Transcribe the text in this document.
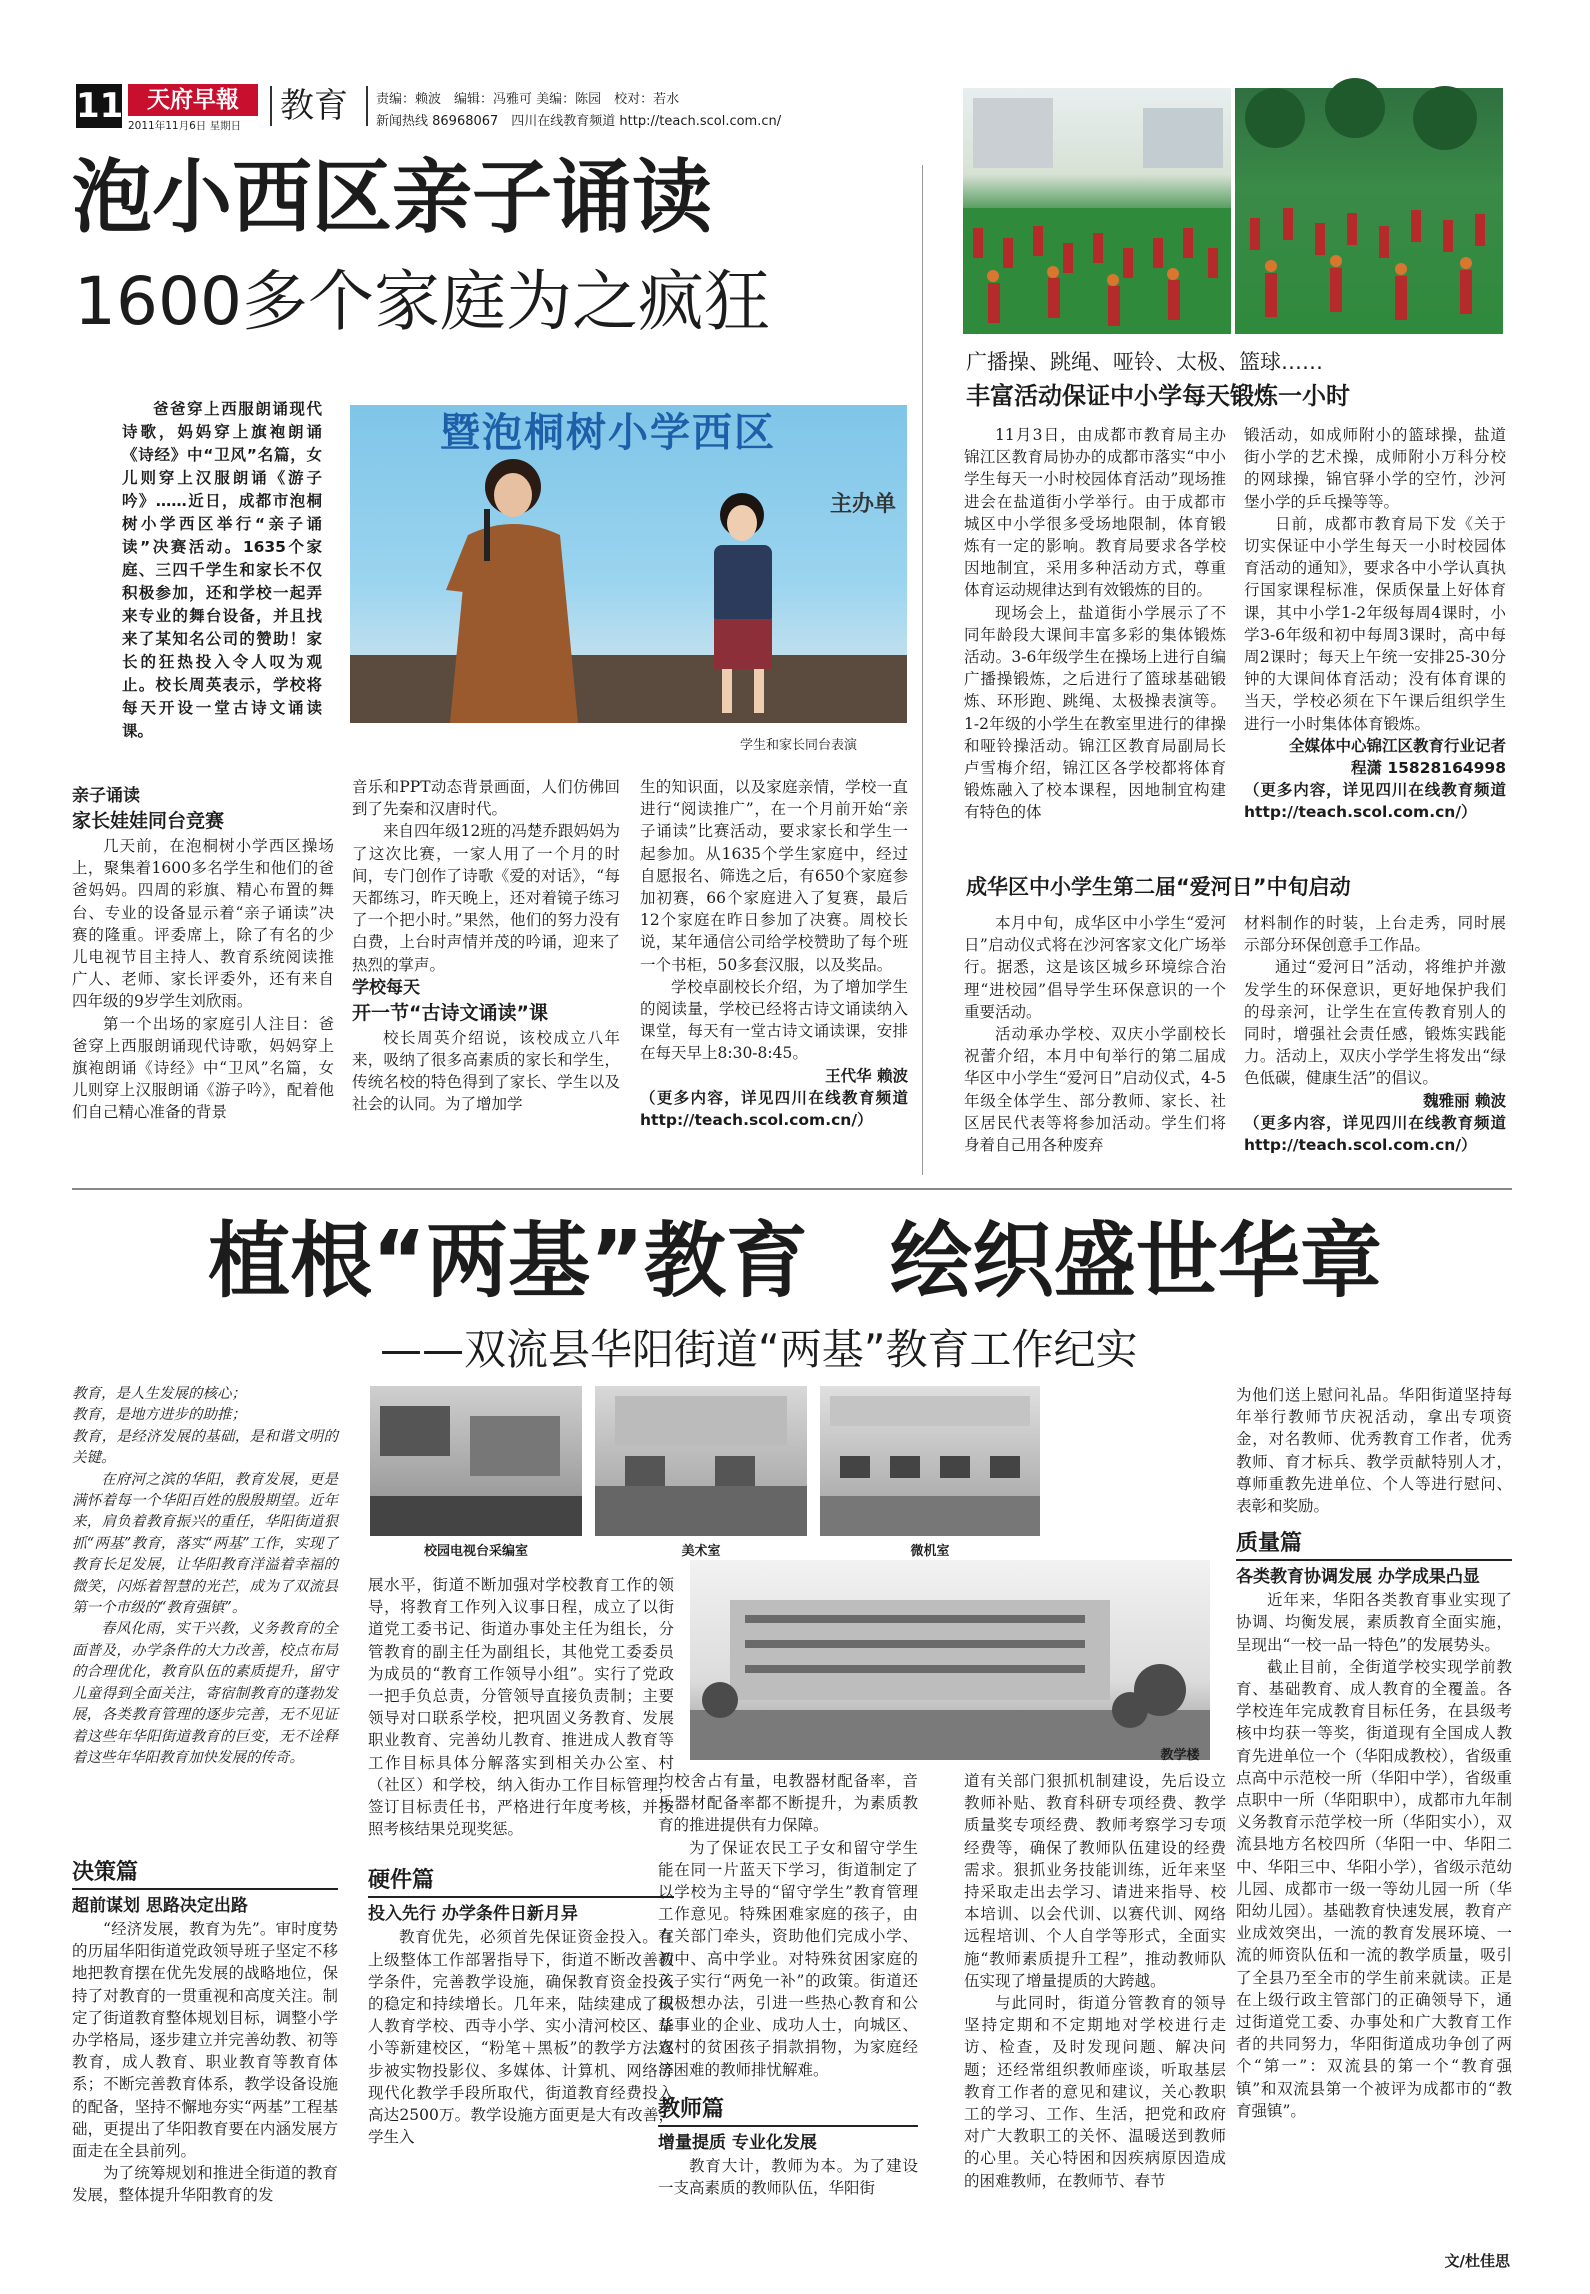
11	天府早報
2011年11月6日 星期日	教育 责编：赖波　编辑：冯雅可 美编：陈园　校对：若水
新闻热线 86968067　四川在线教育频道 http://teach.scol.com.cn/
泡小西区亲子诵读
1600多个家庭为之疯狂

爸爸穿上西服朗诵现代诗歌，妈妈穿上旗袍朗诵《诗经》中“卫风”名篇，女儿则穿上汉服朗诵《游子吟》……近日，成都市泡桐树小学西区举行“亲子诵读”决赛活动。1635个家庭、三四千学生和家长不仅积极参加，还和学校一起弄来专业的舞台设备，并且找来了某知名公司的赞助！家长的狂热投入令人叹为观止。校长周英表示，学校将每天开设一堂古诗文诵读课。

暨泡桐树小学西区
主办单
学生和家长同台表演

亲子诵读

家长娃娃同台竞赛

几天前，在泡桐树小学西区操场上，聚集着1600多名学生和他们的爸爸妈妈。四周的彩旗、精心布置的舞台、专业的设备显示着“亲子诵读”决赛的隆重。评委席上，除了有名的少儿电视节目主持人、教育系统阅读推广人、老师、家长评委外，还有来自四年级的9岁学生刘欣雨。

第一个出场的家庭引人注目：爸爸穿上西服朗诵现代诗歌，妈妈穿上旗袍朗诵《诗经》中“卫风”名篇，女儿则穿上汉服朗诵《游子吟》，配着他们自己精心准备的背景

音乐和PPT动态背景画面，人们仿佛回到了先秦和汉唐时代。

来自四年级12班的冯楚乔跟妈妈为了这次比赛，一家人用了一个月的时间，专门创作了诗歌《爱的对话》，“每天都练习，昨天晚上，还对着镜子练习了一个把小时。”果然，他们的努力没有白费，上台时声情并茂的吟诵，迎来了热烈的掌声。

学校每天

开一节“古诗文诵读”课

校长周英介绍说，该校成立八年来，吸纳了很多高素质的家长和学生，传统名校的特色得到了家长、学生以及社会的认同。为了增加学

生的知识面，以及家庭亲情，学校一直进行“阅读推广”，在一个月前开始“亲子诵读”比赛活动，要求家长和学生一起参加。从1635个学生家庭中，经过自愿报名、筛选之后，有650个家庭参加初赛，66个家庭进入了复赛，最后12个家庭在昨日参加了决赛。周校长说，某年通信公司给学校赞助了每个班一个书柜，50多套汉服，以及奖品。

学校卓副校长介绍，为了增加学生的阅读量，学校已经将古诗文诵读纳入课堂，每天有一堂古诗文诵读课，安排在每天早上8:30-8:45。

王代华 赖波

（更多内容，详见四川在线教育频道 http://teach.scol.com.cn/）

广播操、跳绳、哑铃、太极、篮球……
丰富活动保证中小学每天锻炼一小时

11月3日，由成都市教育局主办锦江区教育局协办的成都市落实“中小学生每天一小时校园体育活动”现场推进会在盐道街小学举行。由于成都市城区中小学很多受场地限制，体育锻炼有一定的影响。教育局要求各学校因地制宜，采用多种活动方式，尊重体育运动规律达到有效锻炼的目的。

现场会上，盐道街小学展示了不同年龄段大课间丰富多彩的集体锻炼活动。3-6年级学生在操场上进行自编广播操锻炼，之后进行了篮球基础锻炼、环形跑、跳绳、太极操表演等。1-2年级的小学生在教室里进行的律操和哑铃操活动。锦江区教育局副局长卢雪梅介绍，锦江区各学校都将体育锻炼融入了校本课程，因地制宜构建有特色的体

锻活动，如成师附小的篮球操，盐道街小学的艺术操，成师附小万科分校的网球操，锦官驿小学的空竹，沙河堡小学的乒乓操等等。

日前，成都市教育局下发《关于切实保证中小学生每天一小时校园体育活动的通知》，要求各中小学认真执行国家课程标准，保质保量上好体育课，其中小学1-2年级每周4课时，小学3-6年级和初中每周3课时，高中每周2课时；每天上午统一安排25-30分钟的大课间体育活动；没有体育课的当天，学校必须在下午课后组织学生进行一小时集体体育锻炼。

全媒体中心锦江区教育行业记者

程潇 15828164998

（更多内容，详见四川在线教育频道 http://teach.scol.com.cn/）

成华区中小学生第二届“爱河日”中旬启动

本月中旬，成华区中小学生“爱河日”启动仪式将在沙河客家文化广场举行。据悉，这是该区城乡环境综合治理“进校园”倡导学生环保意识的一个重要活动。

活动承办学校、双庆小学副校长祝蕾介绍，本月中旬举行的第二届成华区中小学生“爱河日”启动仪式，4-5年级全体学生、部分教师、家长、社区居民代表等将参加活动。学生们将身着自己用各种废弃

材料制作的时装，上台走秀，同时展示部分环保创意手工作品。

通过“爱河日”活动，将维护并激发学生的环保意识，更好地保护我们的母亲河，让学生在宣传教育别人的同时，增强社会责任感，锻炼实践能力。活动上，双庆小学学生将发出“绿色低碳，健康生活”的倡议。

魏雅丽 赖波

（更多内容，详见四川在线教育频道 http://teach.scol.com.cn/）

植根“两基”教育　绘织盛世华章
——双流县华阳街道“两基”教育工作纪实

教育，是人生发展的核心；

教育，是地方进步的助推；

教育，是经济发展的基础，是和谐文明的关键。

在府河之滨的华阳，教育发展，更是满怀着每一个华阳百姓的殷殷期望。近年来，肩负着教育振兴的重任，华阳街道狠抓“两基”教育，落实“两基”工作，实现了教育长足发展，让华阳教育洋溢着幸福的微笑，闪烁着智慧的光芒，成为了双流县第一个市级的“教育强镇”。

春风化雨，实干兴教，义务教育的全面普及，办学条件的大力改善，校点布局的合理优化，教育队伍的素质提升，留守儿童得到全面关注，寄宿制教育的蓬勃发展，各类教育管理的逐步完善，无不见证着这些年华阳街道教育的巨变，无不诠释着这些年华阳教育加快发展的传奇。

校园电视台采编室	美术室	微机室
教学楼

决策篇

超前谋划 思路决定出路

“经济发展，教育为先”。审时度势的历届华阳街道党政领导班子坚定不移地把教育摆在优先发展的战略地位，保持了对教育的一贯重视和高度关注。制定了街道教育整体规划目标，调整小学办学格局，逐步建立并完善幼教、初等教育，成人教育、职业教育等教育体系；不断完善教育体系，教学设备设施的配备，坚持不懈地夯实“两基”工程基础，更提出了华阳教育要在内涵发展方面走在全县前列。

为了统筹规划和推进全街道的教育发展，整体提升华阳教育的发

展水平，街道不断加强对学校教育工作的领导，将教育工作列入议事日程，成立了以街道党工委书记、街道办事处主任为组长，分管教育的副主任为副组长，其他党工委委员为成员的“教育工作领导小组”。实行了党政一把手负总责，分管领导直接负责制；主要领导对口联系学校，把巩固义务教育、发展职业教育、完善幼儿教育、推进成人教育等工作目标具体分解落实到相关办公室、村（社区）和学校，纳入街办工作目标管理，签订目标责任书，严格进行年度考核，并按照考核结果兑现奖惩。

硬件篇

投入先行 办学条件日新月异

教育优先，必须首先保证资金投入。在上级整体工作部署指导下，街道不断改善教学条件，完善教学设施，确保教育资金投入的稳定和持续增长。几年来，陆续建成了成人教育学校、西寺小学、实小清河校区、华小等新建校区，“粉笔＋黑板”的教学方法逐步被实物投影仪、多媒体、计算机、网络等现代化教学手段所取代，街道教育经费投入高达2500万。教学设施方面更是大有改善，学生入

均校舍占有量，电教器材配备率，音乐器材配备率都不断提升，为素质教育的推进提供有力保障。

为了保证农民工子女和留守学生能在同一片蓝天下学习，街道制定了以学校为主导的“留守学生”教育管理工作意见。特殊困难家庭的孩子，由有关部门牵头，资助他们完成小学、初中、高中学业。对特殊贫困家庭的孩子实行“两免一补”的政策。街道还积极想办法，引进一些热心教育和公益事业的企业、成功人士，向城区、农村的贫困孩子捐款捐物，为家庭经济困难的教师排忧解难。

教师篇

增量提质 专业化发展

教育大计，教师为本。为了建设一支高素质的教师队伍，华阳街

道有关部门狠抓机制建设，先后设立教师补贴、教育科研专项经费、教学质量奖专项经费、教师考察学习专项经费等，确保了教师队伍建设的经费需求。狠抓业务技能训练，近年来坚持采取走出去学习、请进来指导、校本培训、以会代训、以赛代训、网络远程培训、个人自学等形式，全面实施“教师素质提升工程”，推动教师队伍实现了增量提质的大跨越。

与此同时，街道分管教育的领导坚持定期和不定期地对学校进行走访、检查，及时发现问题、解决问题；还经常组织教师座谈，听取基层教育工作者的意见和建议，关心教职工的学习、工作、生活，把党和政府对广大教职工的关怀、温暖送到教师的心里。关心特困和因疾病原因造成的困难教师，在教师节、春节

为他们送上慰问礼品。华阳街道坚持每年举行教师节庆祝活动，拿出专项资金，对名教师、优秀教育工作者，优秀教师、育才标兵、教学贡献特别人才，尊师重教先进单位、个人等进行慰问、表彰和奖励。

质量篇

各类教育协调发展 办学成果凸显

近年来，华阳各类教育事业实现了协调、均衡发展，素质教育全面实施，呈现出“一校一品一特色”的发展势头。

截止目前，全街道学校实现学前教育、基础教育、成人教育的全覆盖。各学校连年完成教育目标任务，在县级考核中均获一等奖，街道现有全国成人教育先进单位一个（华阳成教校），省级重点高中示范校一所（华阳中学），省级重点职中一所（华阳职中），成都市九年制义务教育示范学校一所（华阳实小），双流县地方名校四所（华阳一中、华阳二中、华阳三中、华阳小学），省级示范幼儿园、成都市一级一等幼儿园一所（华阳幼儿园）。基础教育快速发展，教育产业成效突出，一流的教育发展环境、一流的师资队伍和一流的教学质量，吸引了全县乃至全市的学生前来就读。正是在上级行政主管部门的正确领导下，通过街道党工委、办事处和广大教育工作者的共同努力，华阳街道成功争创了两个“第一”：双流县的第一个“教育强镇”和双流县第一个被评为成都市的“教育强镇”。

文/杜佳思
